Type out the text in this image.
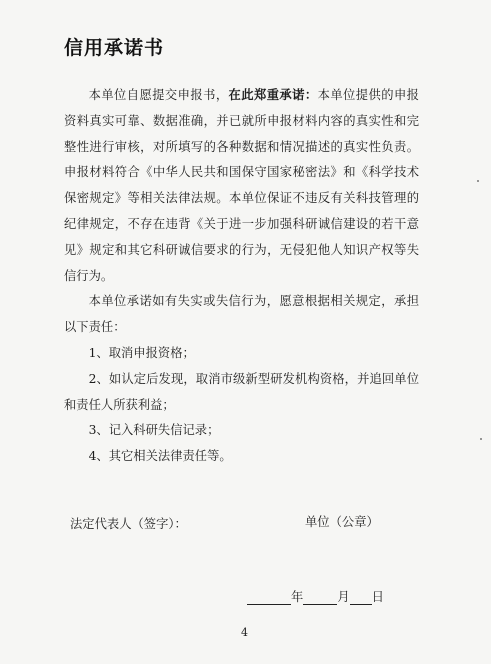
信用承诺书

本单位自愿提交申报书，在此郑重承诺：本单位提供的申报资料真实可靠、数据准确，并已就所申报材料内容的真实性和完整性进行审核，对所填写的各种数据和情况描述的真实性负责。申报材料符合《中华人民共和国保守国家秘密法》和《科学技术保密规定》等相关法律法规。本单位保证不违反有关科技管理的纪律规定，不存在违背《关于进一步加强科研诚信建设的若干意见》规定和其它科研诚信要求的行为，无侵犯他人知识产权等失信行为。

本单位承诺如有失实或失信行为，愿意根据相关规定，承担以下责任：

1、取消申报资格；

2、如认定后发现，取消市级新型研发机构资格，并追回单位和责任人所获利益；

3、记入科研失信记录；

4、其它相关法律责任等。

法定代表人（签字）：	单位（公章）
年	月 日
4
